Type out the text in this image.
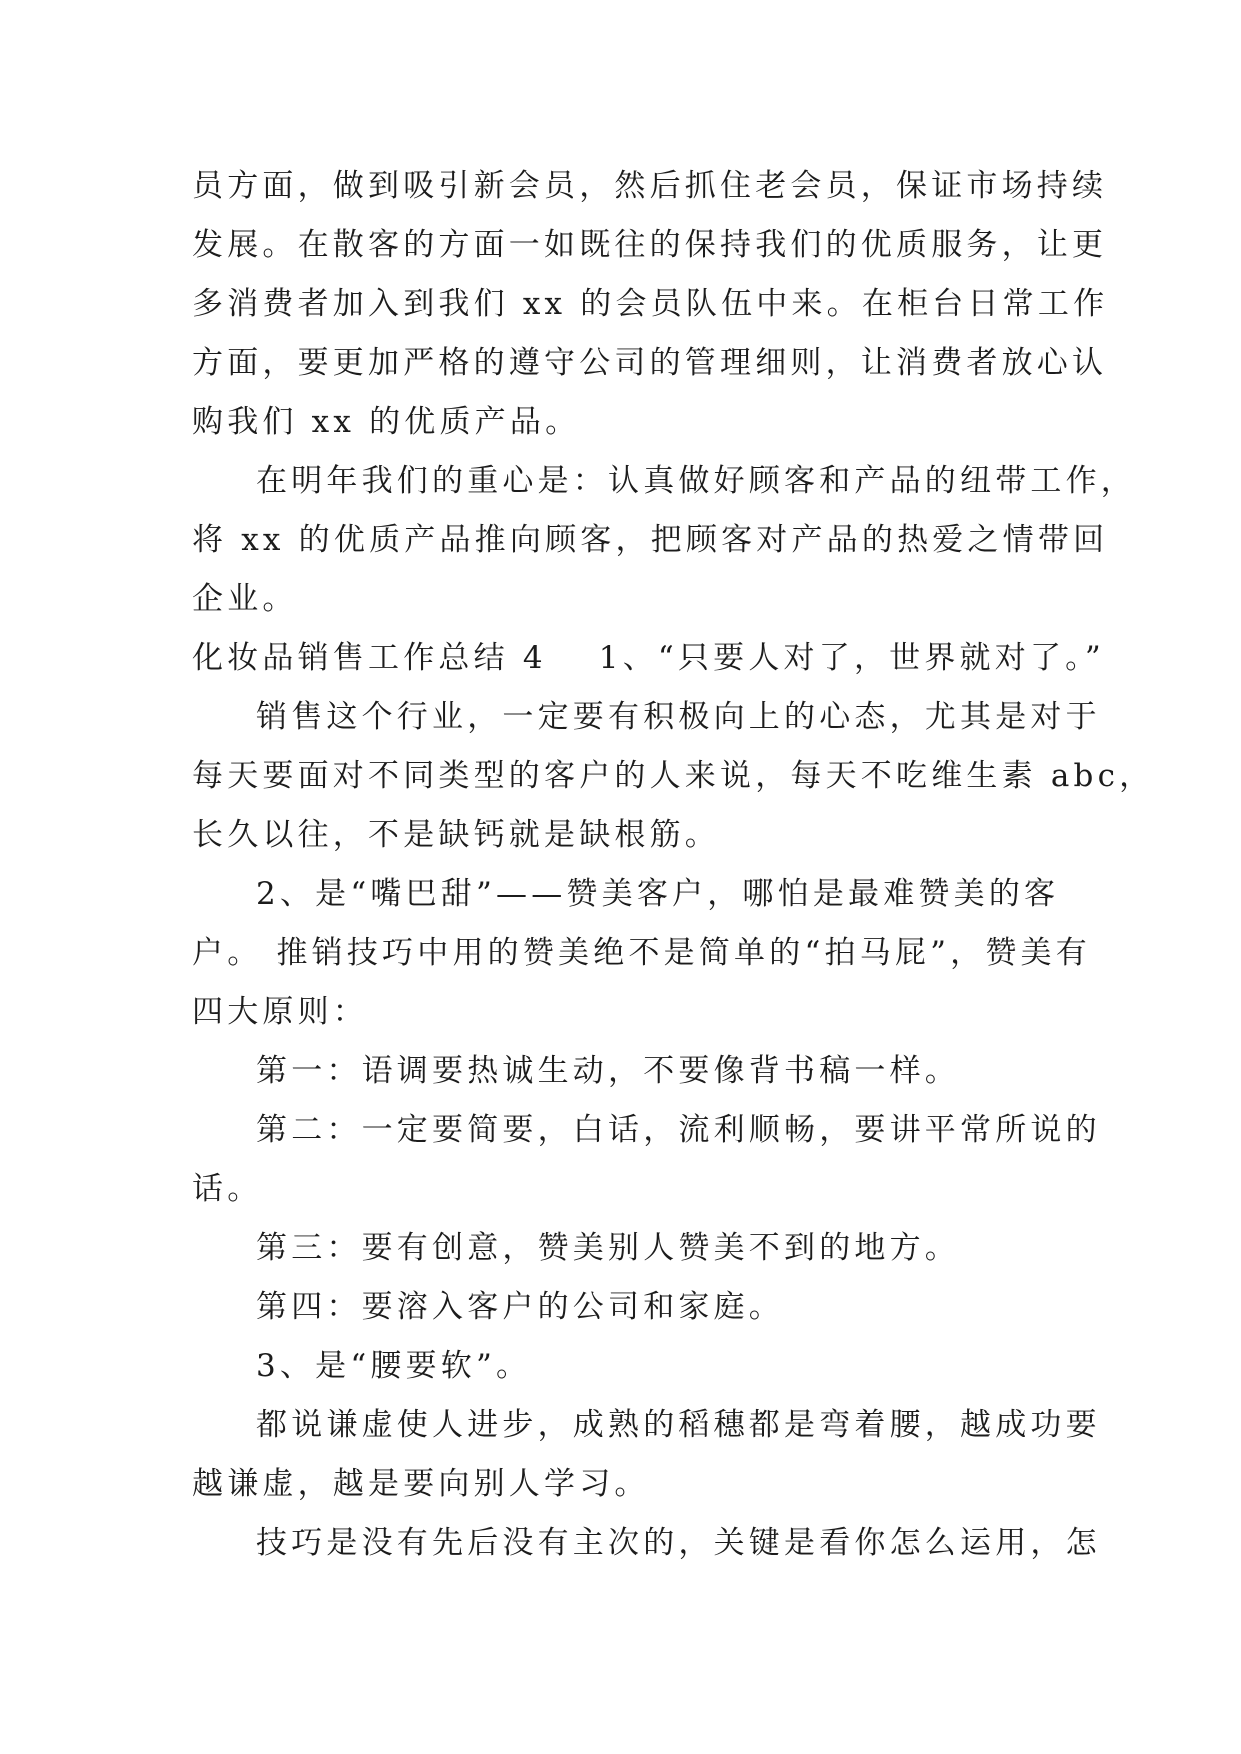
员方面，做到吸引新会员，然后抓住老会员，保证市场持续
发展。在散客的方面一如既往的保持我们的优质服务，让更
多消费者加入到我们 xx 的会员队伍中来。在柜台日常工作
方面，要更加严格的遵守公司的管理细则，让消费者放心认
购我们 xx 的优质产品。
在明年我们的重心是：认真做好顾客和产品的纽带工作，
将 xx 的优质产品推向顾客，把顾客对产品的热爱之情带回
企业。
化妆品销售工作总结 4 1、“只要人对了，世界就对了。”
销售这个行业，一定要有积极向上的心态，尤其是对于
每天要面对不同类型的客户的人来说，每天不吃维生素 abc，
长久以往，不是缺钙就是缺根筋。
2、是“嘴巴甜”——赞美客户，哪怕是最难赞美的客
户。 推销技巧中用的赞美绝不是简单的“拍马屁”，赞美有
四大原则：
第一：语调要热诚生动，不要像背书稿一样。
第二：一定要简要，白话，流利顺畅，要讲平常所说的
话。
第三：要有创意，赞美别人赞美不到的地方。
第四：要溶入客户的公司和家庭。
3、是“腰要软”。
都说谦虚使人进步，成熟的稻穗都是弯着腰，越成功要
越谦虚，越是要向别人学习。
技巧是没有先后没有主次的，关键是看你怎么运用，怎
